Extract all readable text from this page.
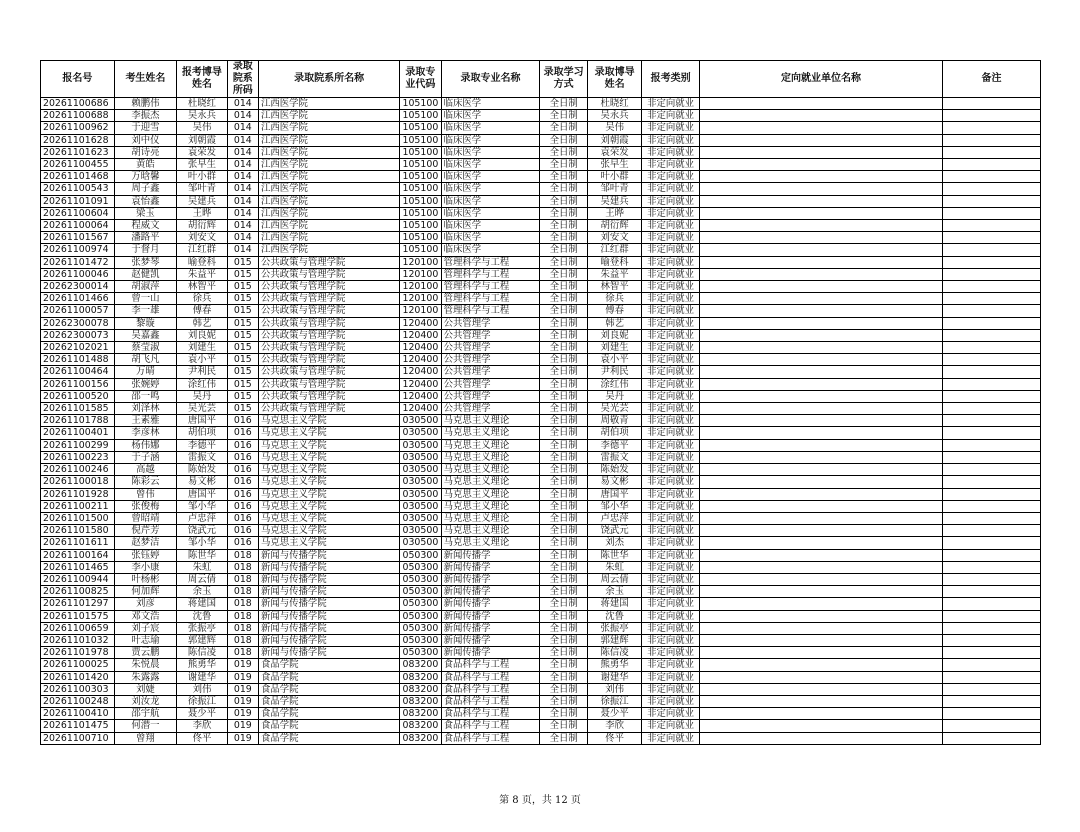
报名号	考生姓名	报考博导姓名	录取院系所码	录取院系所名称	录取专业代码	录取专业名称	录取学习方式	录取博导姓名	报考类别	定向就业单位名称	备注
20261100686	赖鹏伟	杜晓红	014	江西医学院	105100	临床医学	全日制	杜晓红	非定向就业		
20261100688	李振杰	吴永兵	014	江西医学院	105100	临床医学	全日制	吴永兵	非定向就业		
20261100962	于迎雪	吴伟	014	江西医学院	105100	临床医学	全日制	吴伟	非定向就业		
20261101628	刘中仪	刘朝霞	014	江西医学院	105100	临床医学	全日制	刘朝霞	非定向就业		
20261101623	胡诗亮	袁荣发	014	江西医学院	105100	临床医学	全日制	袁荣发	非定向就业		
20261100455	黄皓	张早生	014	江西医学院	105100	临床医学	全日制	张早生	非定向就业		
20261101468	万晗馨	叶小群	014	江西医学院	105100	临床医学	全日制	叶小群	非定向就业		
20261100543	周子鑫	邹叶青	014	江西医学院	105100	临床医学	全日制	邹叶青	非定向就业		
20261101091	袁怡鑫	吴建兵	014	江西医学院	105100	临床医学	全日制	吴建兵	非定向就业		
20261100604	梁玉	王晔	014	江西医学院	105100	临床医学	全日制	王晔	非定向就业		
20261100064	程威文	胡衍辉	014	江西医学院	105100	临床医学	全日制	胡衍辉	非定向就业		
20261101567	潘路平	刘安文	014	江西医学院	105100	临床医学	全日制	刘安文	非定向就业		
20261100974	于督月	江红群	014	江西医学院	105100	临床医学	全日制	江红群	非定向就业		
20261101472	张梦琴	喻登科	015	公共政策与管理学院	120100	管理科学与工程	全日制	喻登科	非定向就业		
20261100046	赵健凯	朱益平	015	公共政策与管理学院	120100	管理科学与工程	全日制	朱益平	非定向就业		
20262300014	胡淑萍	林智平	015	公共政策与管理学院	120100	管理科学与工程	全日制	林智平	非定向就业		
20261101466	曾一山	徐兵	015	公共政策与管理学院	120100	管理科学与工程	全日制	徐兵	非定向就业		
20261100057	李一雄	傅春	015	公共政策与管理学院	120100	管理科学与工程	全日制	傅春	非定向就业		
20262300078	黎璇	韩艺	015	公共政策与管理学院	120400	公共管理学	全日制	韩艺	非定向就业		
20262300073	吴嘉鑫	刘良妮	015	公共政策与管理学院	120400	公共管理学	全日制	刘良妮	非定向就业		
20262102021	蔡莹淑	刘建生	015	公共政策与管理学院	120400	公共管理学	全日制	刘建生	非定向就业		
20261101488	胡飞凡	袁小平	015	公共政策与管理学院	120400	公共管理学	全日制	袁小平	非定向就业		
20261100464	万晴	尹利民	015	公共政策与管理学院	120400	公共管理学	全日制	尹利民	非定向就业		
20261100156	张婉婷	涂红伟	015	公共政策与管理学院	120400	公共管理学	全日制	涂红伟	非定向就业		
20261100520	邵一鸣	吴丹	015	公共政策与管理学院	120400	公共管理学	全日制	吴丹	非定向就业		
20261101585	刘泽林	吴光芸	015	公共政策与管理学院	120400	公共管理学	全日制	吴光芸	非定向就业		
20261101788	王素雅	唐国平	016	马克思主义学院	030500	马克思主义理论	全日制	周敬青	非定向就业		
20261100401	李彦林	胡伯项	016	马克思主义学院	030500	马克思主义理论	全日制	胡伯项	非定向就业		
20261100299	杨伟娜	李德平	016	马克思主义学院	030500	马克思主义理论	全日制	李德平	非定向就业		
20261100223	于子涵	雷振文	016	马克思主义学院	030500	马克思主义理论	全日制	雷振文	非定向就业		
20261100246	高越	陈始发	016	马克思主义学院	030500	马克思主义理论	全日制	陈始发	非定向就业		
20261100018	陈彩云	易文彬	016	马克思主义学院	030500	马克思主义理论	全日制	易文彬	非定向就业		
20261101928	曾伟	唐国平	016	马克思主义学院	030500	马克思主义理论	全日制	唐国平	非定向就业		
20261100211	张俊梅	邹小华	016	马克思主义学院	030500	马克思主义理论	全日制	邹小华	非定向就业		
20261101500	曾昭靖	卢忠萍	016	马克思主义学院	030500	马克思主义理论	全日制	卢忠萍	非定向就业		
20261101580	倪芹芳	饶武元	016	马克思主义学院	030500	马克思主义理论	全日制	饶武元	非定向就业		
20261101611	赵梦洁	邹小华	016	马克思主义学院	030500	马克思主义理论	全日制	刘杰	非定向就业		
20261100164	张钰婷	陈世华	018	新闻与传播学院	050300	新闻传播学	全日制	陈世华	非定向就业		
20261101465	李小康	朱虹	018	新闻与传播学院	050300	新闻传播学	全日制	朱虹	非定向就业		
20261100944	叶杨彬	周云倩	018	新闻与传播学院	050300	新闻传播学	全日制	周云倩	非定向就业		
20261100825	何加辉	余玉	018	新闻与传播学院	050300	新闻传播学	全日制	余玉	非定向就业		
20261101297	刘彦	蒋建国	018	新闻与传播学院	050300	新闻传播学	全日制	蒋建国	非定向就业		
20261101575	邓文浩	沈鲁	018	新闻与传播学院	050300	新闻传播学	全日制	沈鲁	非定向就业		
20261100659	刘子宸	张振亭	018	新闻与传播学院	050300	新闻传播学	全日制	张振亭	非定向就业		
20261101032	叶志瑜	郭建辉	018	新闻与传播学院	050300	新闻传播学	全日制	郭建辉	非定向就业		
20261101978	贾云鹏	陈信凌	018	新闻与传播学院	050300	新闻传播学	全日制	陈信凌	非定向就业		
20261100025	朱悦晨	熊勇华	019	食品学院	083200	食品科学与工程	全日制	熊勇华	非定向就业		
20261101420	朱露露	谢建华	019	食品学院	083200	食品科学与工程	全日制	谢建华	非定向就业		
20261100303	刘婕	刘伟	019	食品学院	083200	食品科学与工程	全日制	刘伟	非定向就业		
20261100248	刘汝龙	徐振江	019	食品学院	083200	食品科学与工程	全日制	徐振江	非定向就业		
20261100410	邵宇航	聂少平	019	食品学院	083200	食品科学与工程	全日制	聂少平	非定向就业		
20261101475	何潜一	李欣	019	食品学院	083200	食品科学与工程	全日制	李欣	非定向就业		
20261100710	曾翔	佟平	019	食品学院	083200	食品科学与工程	全日制	佟平	非定向就业		
第 8 页，共 12 页
